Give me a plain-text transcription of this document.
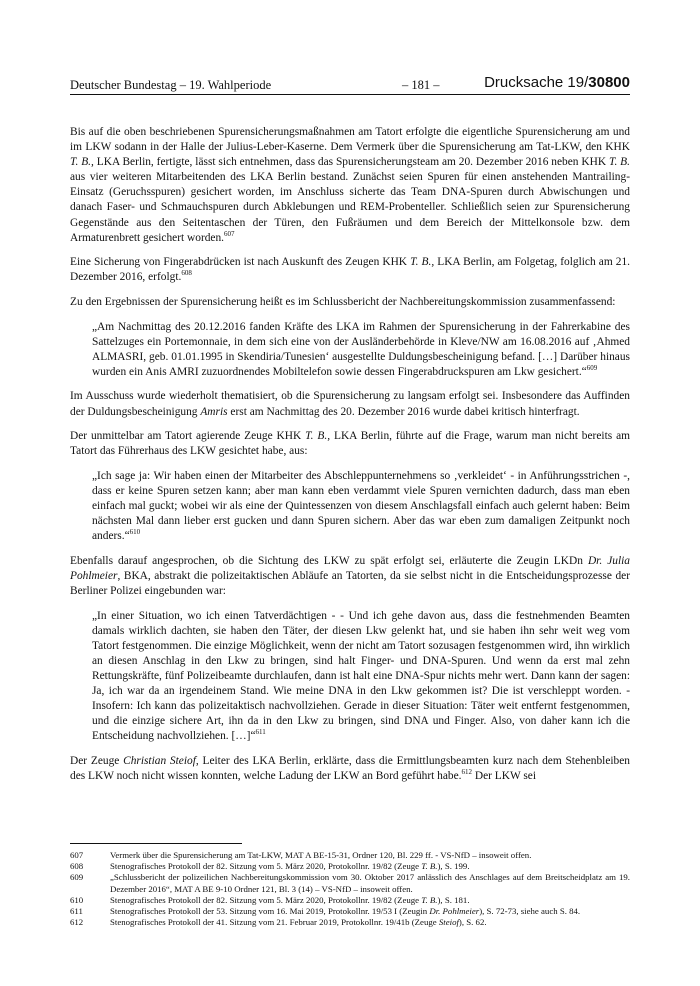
Deutscher Bundestag – 19. Wahlperiode	– 181 –	Drucksache 19/30800

Bis auf die oben beschriebenen Spurensicherungsmaßnahmen am Tatort erfolgte die eigentliche Spurensicherung am und im LKW sodann in der Halle der Julius-Leber-Kaserne. Dem Vermerk über die Spurensicherung am Tat-LKW, den KHK T. B., LKA Berlin, fertigte, lässt sich entnehmen, dass das Spurensicherungsteam am 20. Dezember 2016 neben KHK T. B. aus vier weiteren Mitarbeitenden des LKA Berlin bestand. Zunächst seien Spuren für einen anstehenden Mantrailing-Einsatz (Geruchsspuren) gesichert worden, im Anschluss sicherte das Team DNA-Spuren durch Abwischungen und danach Faser- und Schmauchspuren durch Abklebungen und REM-Probenteller. Schließlich seien zur Spurensicherung Gegenstände aus den Seitentaschen der Türen, den Fußräumen und dem Bereich der Mittelkonsole bzw. dem Armaturenbrett gesichert worden.$^{607}$

Eine Sicherung von Fingerabdrücken ist nach Auskunft des Zeugen KHK T. B., LKA Berlin, am Folgetag, folglich am 21. Dezember 2016, erfolgt.$^{608}$

Zu den Ergebnissen der Spurensicherung heißt es im Schlussbericht der Nachbereitungskommission zusammenfassend:

„Am Nachmittag des 20.12.2016 fanden Kräfte des LKA im Rahmen der Spurensicherung in der Fahrerkabine des Sattelzuges ein Portemonnaie, in dem sich eine von der Ausländerbehörde in Kleve/NW am 16.08.2016 auf ‚Ahmed ALMASRI, geb. 01.01.1995 in Skendiria/Tunesien‘ ausgestellte Duldungsbescheinigung befand. […] Darüber hinaus wurden ein Anis AMRI zuzuordnendes Mobiltelefon sowie dessen Fingerabdruckspuren am Lkw gesichert.“$^{609}$

Im Ausschuss wurde wiederholt thematisiert, ob die Spurensicherung zu langsam erfolgt sei. Insbesondere das Auffinden der Duldungsbescheinigung Amris erst am Nachmittag des 20. Dezember 2016 wurde dabei kritisch hinterfragt.

Der unmittelbar am Tatort agierende Zeuge KHK T. B., LKA Berlin, führte auf die Frage, warum man nicht bereits am Tatort das Führerhaus des LKW gesichtet habe, aus:

„Ich sage ja: Wir haben einen der Mitarbeiter des Abschleppunternehmens so ‚verkleidet‘ - in Anführungsstrichen -, dass er keine Spuren setzen kann; aber man kann eben verdammt viele Spuren vernichten dadurch, dass man eben einfach mal guckt; wobei wir als eine der Quintessenzen von diesem Anschlagsfall einfach auch gelernt haben: Beim nächsten Mal dann lieber erst gucken und dann Spuren sichern. Aber das war eben zum damaligen Zeitpunkt noch anders.“$^{610}$

Ebenfalls darauf angesprochen, ob die Sichtung des LKW zu spät erfolgt sei, erläuterte die Zeugin LKDn Dr. Julia Pohlmeier, BKA, abstrakt die polizeitaktischen Abläufe an Tatorten, da sie selbst nicht in die Entscheidungsprozesse der Berliner Polizei eingebunden war:

„In einer Situation, wo ich einen Tatverdächtigen - - Und ich gehe davon aus, dass die festnehmenden Beamten damals wirklich dachten, sie haben den Täter, der diesen Lkw gelenkt hat, und sie haben ihn sehr weit weg vom Tatort festgenommen. Die einzige Möglichkeit, wenn der nicht am Tatort sozusagen festgenommen wird, ihn wirklich an diesen Anschlag in den Lkw zu bringen, sind halt Finger- und DNA-Spuren. Und wenn da erst mal zehn Rettungskräfte, fünf Polizeibeamte durchlaufen, dann ist halt eine DNA-Spur nichts mehr wert. Dann kann der sagen: Ja, ich war da an irgendeinem Stand. Wie meine DNA in den Lkw gekommen ist? Die ist verschleppt worden. - Insofern: Ich kann das polizeitaktisch nachvollziehen. Gerade in dieser Situation: Täter weit entfernt festgenommen, und die einzige sichere Art, ihn da in den Lkw zu bringen, sind DNA und Finger. Also, von daher kann ich die Entscheidung nachvollziehen. […]“$^{611}$

Der Zeuge Christian Steiof, Leiter des LKA Berlin, erklärte, dass die Ermittlungsbeamten kurz nach dem Stehenbleiben des LKW noch nicht wissen konnten, welche Ladung der LKW an Bord geführt habe.$^{612}$ Der LKW sei

607	Vermerk über die Spurensicherung am Tat-LKW, MAT A BE-15-31, Ordner 120, Bl. 229 ff. - VS-NfD – insoweit offen.
608	Stenografisches Protokoll der 82. Sitzung vom 5. März 2020, Protokollnr. 19/82 (Zeuge T. B.), S. 199.
609	„Schlussbericht der polizeilichen Nachbereitungskommission vom 30. Oktober 2017 anlässlich des Anschlages auf dem Breitscheidplatz am 19. Dezember 2016“, MAT A BE 9-10 Ordner 121, Bl. 3 (14) – VS-NfD – insoweit offen.
610	Stenografisches Protokoll der 82. Sitzung vom 5. März 2020, Protokollnr. 19/82 (Zeuge T. B.), S. 181.
611	Stenografisches Protokoll der 53. Sitzung vom 16. Mai 2019, Protokollnr. 19/53 I (Zeugin Dr. Pohlmeier), S. 72-73, siehe auch S. 84.
612	Stenografisches Protokoll der 41. Sitzung vom 21. Februar 2019, Protokollnr. 19/41b (Zeuge Steiof), S. 62.
